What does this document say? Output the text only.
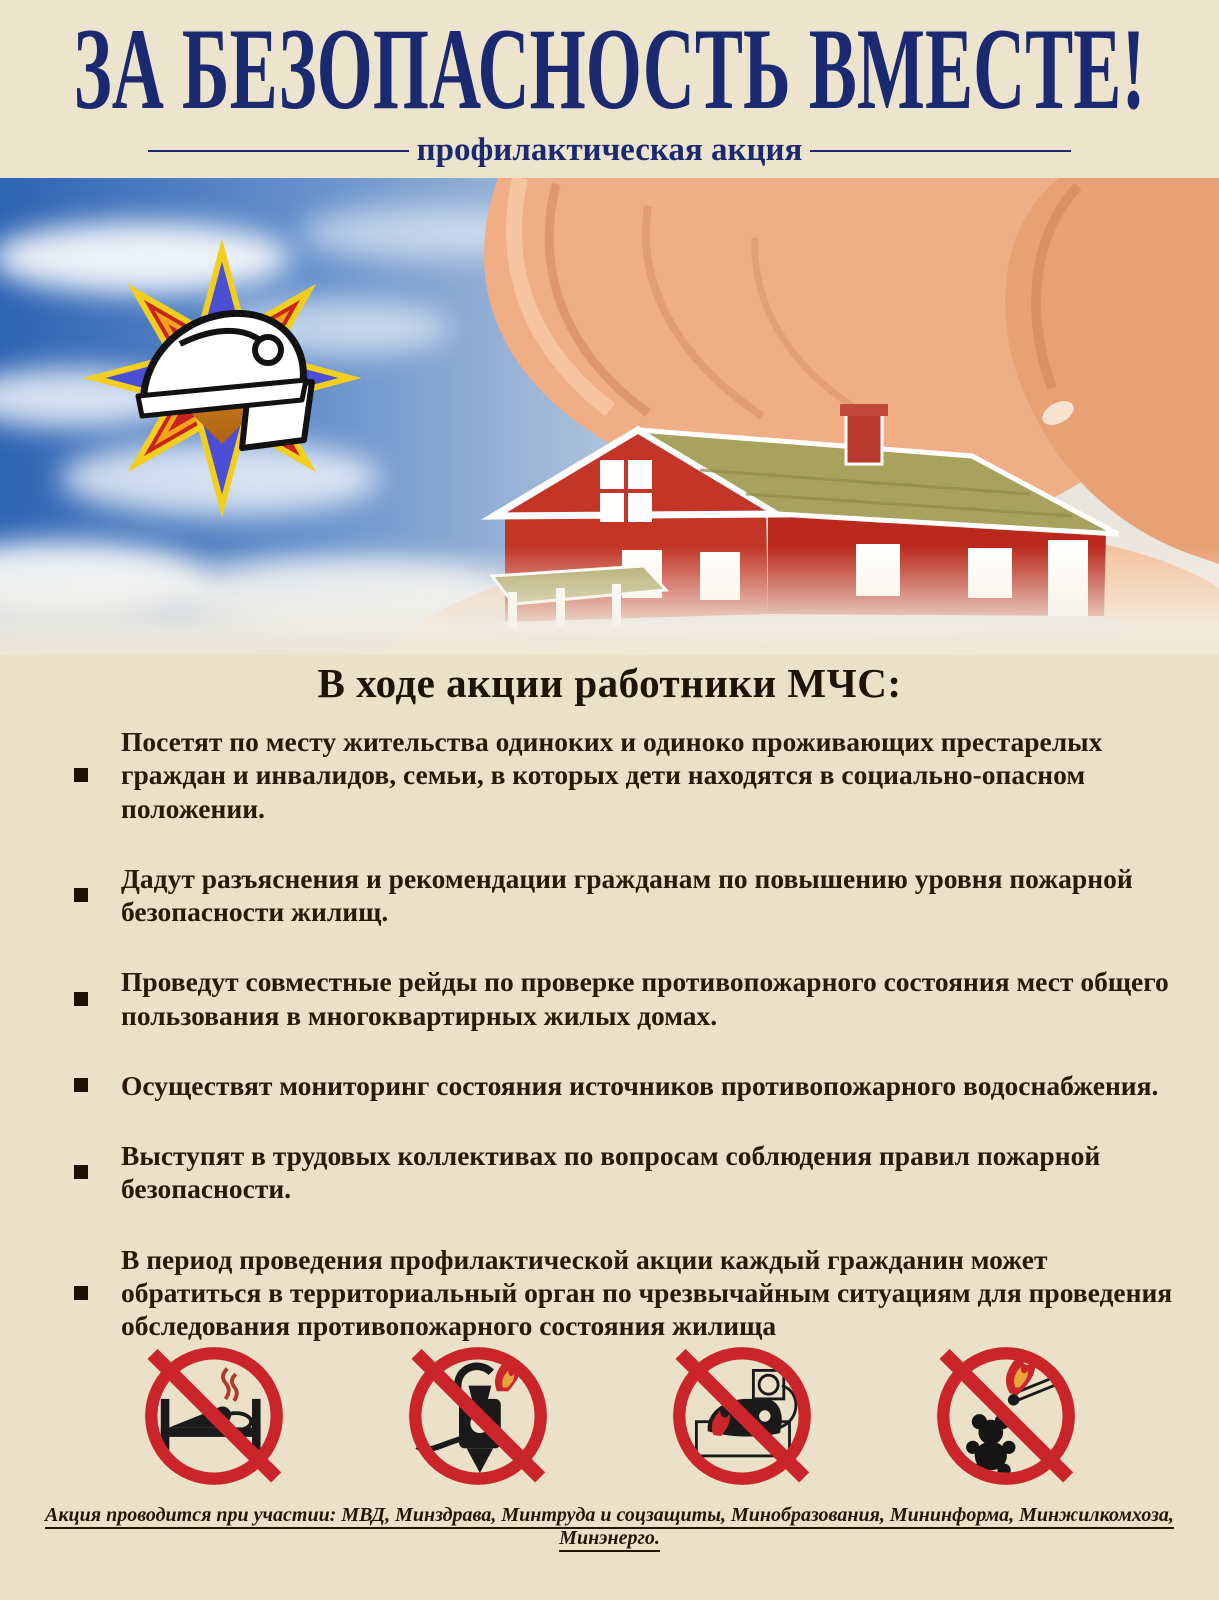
ЗА БЕЗОПАСНОСТЬ ВМЕСТЕ!
профилактическая акция
В ходе акции работники МЧС:
Посетят по месту жительства одиноких и одиноко проживающих престарелых граждан и инвалидов, семьи, в которых дети находятся в социально-опасном положении.
Дадут разъяснения и рекомендации гражданам по повышению уровня пожарной безопасности жилищ.
Проведут совместные рейды по проверке противопожарного состояния мест общего пользования в многоквартирных жилых домах.
Осуществят мониторинг состояния источников противопожарного водоснабжения.
Выступят в трудовых коллективах по вопросам соблюдения правил пожарной безопасности.
В период проведения профилактической акции каждый гражданин может обратиться в территориальный орган по чрезвычайным ситуациям для проведения обследования противопожарного состояния жилища
Акция проводится при участии: МВД, Минздрава, Минтруда и соцзащиты, Минобразования, Мининформа, Минжилкомхоза, Минэнерго.
